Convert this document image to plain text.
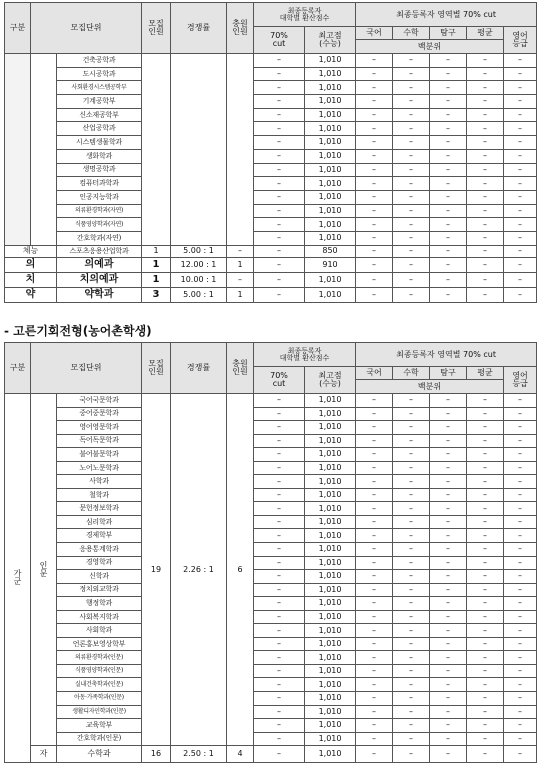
구분	모집단위		모집
인원	경쟁률	충원
인원	최종등록자
대학별 환산점수		최종등록자 영역별 70% cut				
						70%
cut	최고점
(수능)	국어	수학	탐구	평균	영어
등급
								백분위				
		건축공학과				–	1,010	–	–	–	–	–
		도시공학과				–	1,010	–	–	–	–	–
		사회환경시스템공학부				–	1,010	–	–	–	–	–
		기계공학부				–	1,010	–	–	–	–	–
		신소재공학부				–	1,010	–	–	–	–	–
		산업공학과				–	1,010	–	–	–	–	–
		시스템생물학과				–	1,010	–	–	–	–	–
		생화학과				–	1,010	–	–	–	–	–
		생명공학과				–	1,010	–	–	–	–	–
		컴퓨터과학과				–	1,010	–	–	–	–	–
		인공지능학과				–	1,010	–	–	–	–	–
		의류환경학과(자연)				–	1,010	–	–	–	–	–
		식품영양학과(자연)				–	1,010	–	–	–	–	–
		간호학과(자연)				–	1,010	–	–	–	–	–
체능		스포츠응용산업학과	1	5.00 : 1	–	–	850	–	–	–	–	–
의		의예과	1	12.00 : 1	1	–	910	–	–	–	–	–
치		치의예과	1	10.00 : 1	–	–	1,010	–	–	–	–	–
약		약학과	3	5.00 : 1	1	–	1,010	–	–	–	–	–
- 고른기회전형(농어촌학생)
구분	모집단위		모집
인원	경쟁률	충원
인원	최종등록자
대학별 환산점수		최종등록자 영역별 70% cut				
						70%
cut	최고점
(수능)	국어	수학	탐구	평균	영어
등급
								백분위				
가
군	인
문	국어국문학과	19	2.26 : 1	6	–	1,010	–	–	–	–	–
		중어중문학과				–	1,010	–	–	–	–	–
		영어영문학과				–	1,010	–	–	–	–	–
		독어독문학과				–	1,010	–	–	–	–	–
		불어불문학과				–	1,010	–	–	–	–	–
		노어노문학과				–	1,010	–	–	–	–	–
		사학과				–	1,010	–	–	–	–	–
		철학과				–	1,010	–	–	–	–	–
		문헌정보학과				–	1,010	–	–	–	–	–
		심리학과				–	1,010	–	–	–	–	–
		경제학부				–	1,010	–	–	–	–	–
		응용통계학과				–	1,010	–	–	–	–	–
		경영학과				–	1,010	–	–	–	–	–
		신학과				–	1,010	–	–	–	–	–
		정치외교학과				–	1,010	–	–	–	–	–
		행정학과				–	1,010	–	–	–	–	–
		사회복지학과				–	1,010	–	–	–	–	–
		사회학과				–	1,010	–	–	–	–	–
		언론홍보영상학부				–	1,010	–	–	–	–	–
		의류환경학과(인문)				–	1,010	–	–	–	–	–
		식품영양학과(인문)				–	1,010	–	–	–	–	–
		실내건축학과(인문)				–	1,010	–	–	–	–	–
		아동·가족학과(인문)				–	1,010	–	–	–	–	–
		생활디자인학과(인문)				–	1,010	–	–	–	–	–
		교육학부				–	1,010	–	–	–	–	–
		간호학과(인문)				–	1,010	–	–	–	–	–
	자	수학과	16	2.50 : 1	4	–	1,010	–	–	–	–	–
